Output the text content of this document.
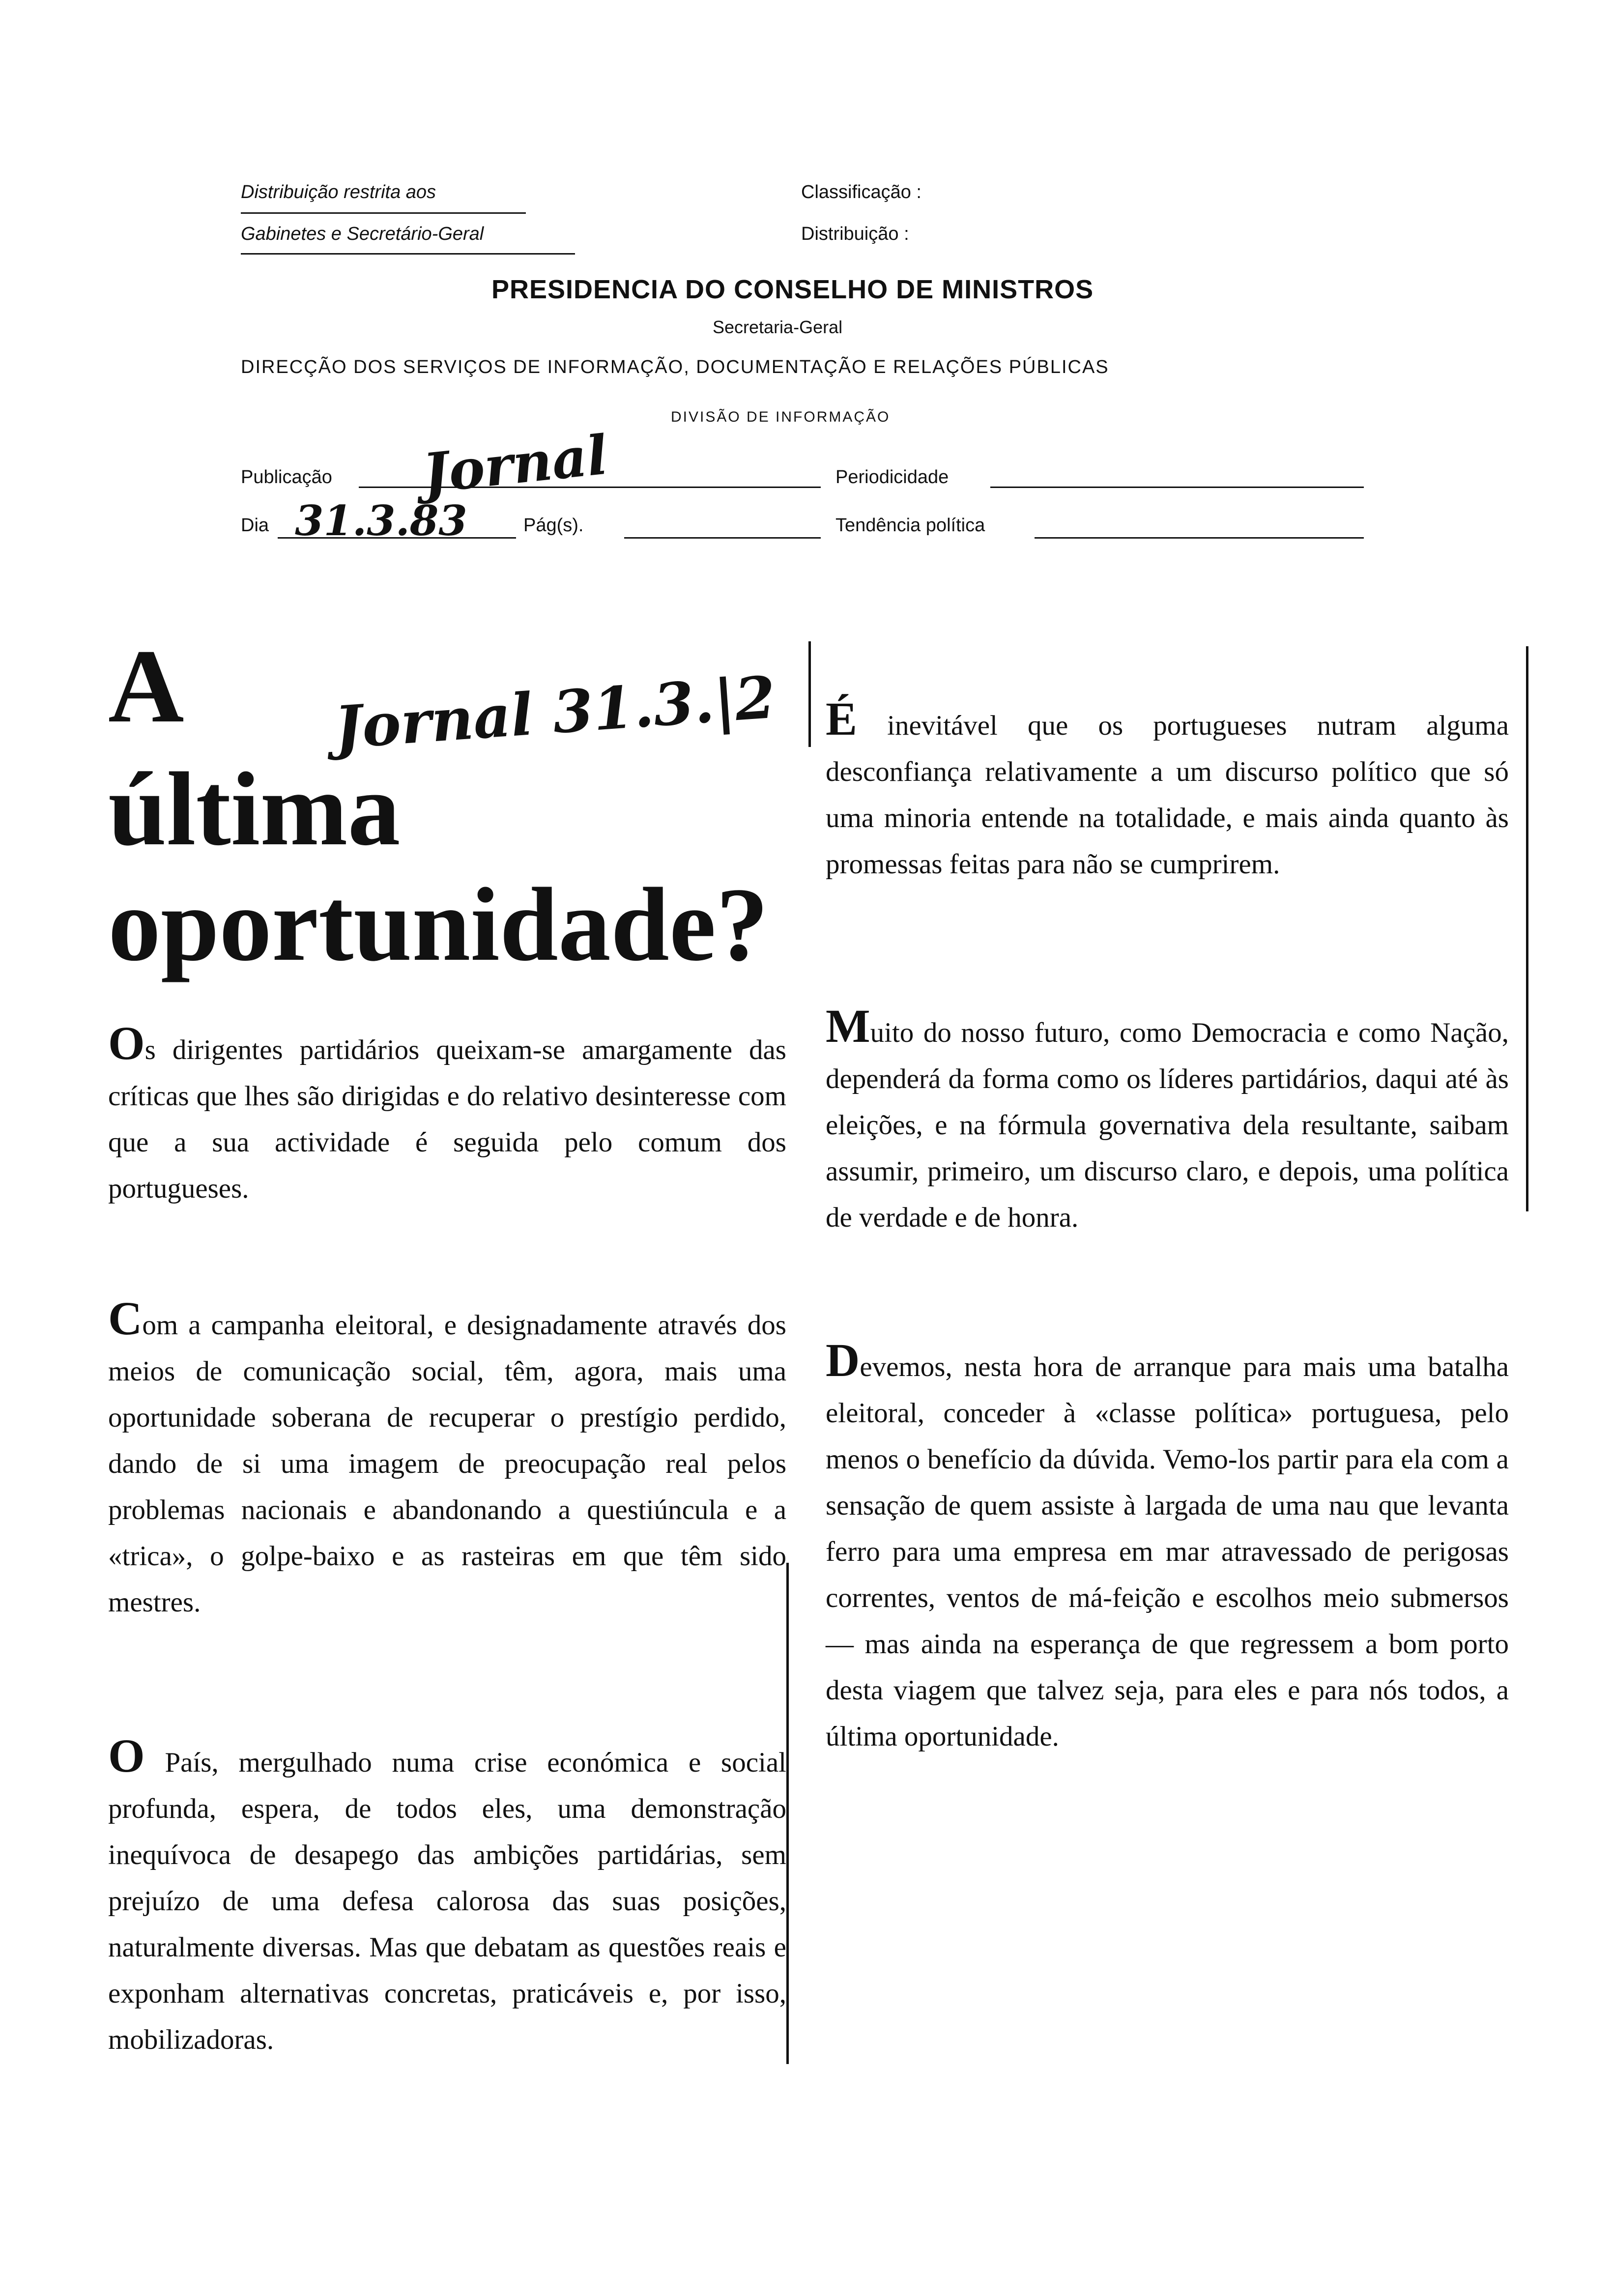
Distribuição restrita aos
Gabinetes e Secretário-Geral
Classificação :
Distribuição :
PRESIDENCIA DO CONSELHO DE MINISTROS
Secretaria-Geral
DIRECÇÃO DOS SERVIÇOS DE INFORMAÇÃO, DOCUMENTAÇÃO E RELAÇÕES PÚBLICAS
DIVISÃO DE INFORMAÇÃO
Publicação Jornal	Periodicidade
Dia 31.3.83	Pág(s).	Tendência política
A
última
oportunidade?
Jornal 31.3.|2
Os dirigentes partidários queixam-se amargamente das críticas que lhes são dirigidas e do relativo desinteresse com que a sua actividade é seguida pelo comum dos portugueses.
Com a campanha eleitoral, e designadamente através dos meios de comunicação social, têm, agora, mais uma oportunidade soberana de recuperar o prestígio perdido, dando de si uma imagem de preocupação real pelos problemas nacionais e abandonando a questiúncula e a «trica», o golpe-baixo e as rasteiras em que têm sido mestres.
O País, mergulhado numa crise económica e social profunda, espera, de todos eles, uma demonstração inequívoca de desapego das ambições partidárias, sem prejuízo de uma defesa calorosa das suas posições, naturalmente diversas. Mas que debatam as questões reais e exponham alternativas concretas, praticáveis e, por isso, mobilizadoras.
É inevitável que os portugueses nutram alguma desconfiança relativamente a um discurso político que só uma minoria entende na totalidade, e mais ainda quanto às promessas feitas para não se cumprirem.
Muito do nosso futuro, como Democracia e como Nação, dependerá da forma como os líderes partidários, daqui até às eleições, e na fórmula governativa dela resultante, saibam assumir, primeiro, um discurso claro, e depois, uma política de verdade e de honra.
Devemos, nesta hora de arranque para mais uma batalha eleitoral, conceder à «classe política» portuguesa, pelo menos o benefício da dúvida. Vemo-los partir para ela com a sensação de quem assiste à largada de uma nau que levanta ferro para uma empresa em mar atravessado de perigosas correntes, ventos de má-feição e escolhos meio submersos — mas ainda na esperança de que regressem a bom porto desta viagem que talvez seja, para eles e para nós todos, a última oportunidade.
